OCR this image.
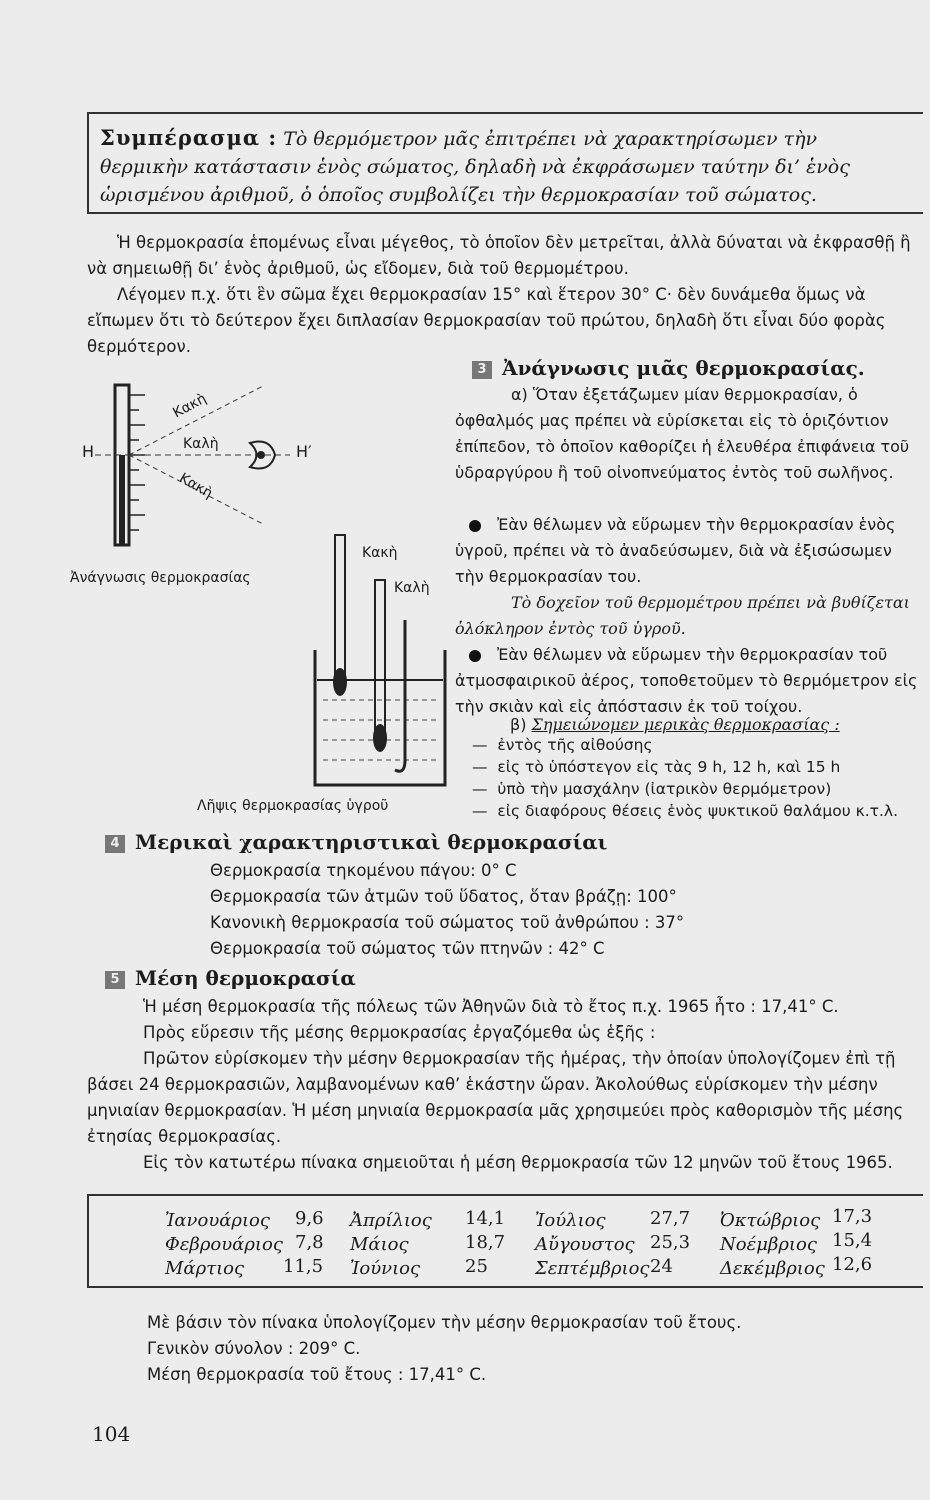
Συμπέρασμα : Τὸ θερμόμετρον μᾶς ἐπιτρέπει νὰ χαρακτηρίσωμεν τὴν θερμικὴν κατάστασιν ἑνὸς σώματος, δηλαδὴ νὰ ἐκφράσωμεν ταύτην δι’ ἑνὸς ὡρισμένου ἀριθμοῦ, ὁ ὁποῖος συμβολίζει τὴν θερμοκρασίαν τοῦ σώματος.
Ἡ θερμοκρασία ἑπομένως εἶναι μέγεθος, τὸ ὁποῖον δὲν μετρεῖται, ἀλλὰ δύναται νὰ ἐκφρασθῇ ἢ νὰ σημειωθῇ δι’ ἑνὸς ἀριθμοῦ, ὡς εἴδομεν, διὰ τοῦ θερμομέτρου.
Λέγομεν π.χ. ὅτι ἓν σῶμα ἔχει θερμοκρασίαν 15° καὶ ἕτερον 30° C· δὲν δυνάμεθα ὅμως νὰ εἴπωμεν ὅτι τὸ δεύτερον ἔχει διπλασίαν θερμοκρασίαν τοῦ πρώτου, δηλαδὴ ὅτι εἶναι δύο φορὰς θερμότερον.
Η	Η′
Κακὴ
Καλὴ
Κακὴ
Ἀνάγνωσις θερμοκρασίας
Κακὴ
Καλὴ
Λῆψις θερμοκρασίας ὑγροῦ
3 Ἀνάγνωσις μιᾶς θερμοκρασίας.
α) Ὅταν ἐξετάζωμεν μίαν θερμοκρασίαν, ὁ ὀφθαλμός μας πρέπει νὰ εὑρίσκεται εἰς τὸ ὁριζόντιον ἐπίπεδον, τὸ ὁποῖον καθορίζει ἡ ἐλευθέρα ἐπιφάνεια τοῦ ὑδραργύρου ἢ τοῦ οἰνοπνεύματος ἐντὸς τοῦ σωλῆνος.
Ἐὰν θέλωμεν νὰ εὕρωμεν τὴν θερμοκρασίαν ἑνὸς ὑγροῦ, πρέπει νὰ τὸ ἀναδεύσωμεν, διὰ νὰ ἐξισώσωμεν τὴν θερμοκρασίαν του.
Τὸ δοχεῖον τοῦ θερμομέτρου πρέπει νὰ βυθίζεται ὁλόκληρον ἐντὸς τοῦ ὑγροῦ.
Ἐὰν θέλωμεν νὰ εὕρωμεν τὴν θερμοκρασίαν τοῦ ἀτμοσφαιρικοῦ ἀέρος, τοποθετοῦμεν τὸ θερμόμετρον εἰς τὴν σκιὰν καὶ εἰς ἀπόστασιν ἐκ τοῦ τοίχου.
β) Σημειώνομεν μερικὰς θερμοκρασίας :
—  ἐντὸς τῆς αἰθούσης
—  εἰς τὸ ὑπόστεγον εἰς τὰς 9 h, 12 h, καὶ 15 h
—  ὑπὸ τὴν μασχάλην (ἰατρικὸν θερμόμετρον)
—  εἰς διαφόρους θέσεις ἑνὸς ψυκτικοῦ θαλάμου κ.τ.λ.
4 Μερικαὶ χαρακτηριστικαὶ θερμοκρασίαι
Θερμοκρασία τηκομένου πάγου: 0° C
Θερμοκρασία τῶν ἀτμῶν τοῦ ὕδατος, ὅταν βράζῃ: 100°
Κανονικὴ θερμοκρασία τοῦ σώματος τοῦ ἀνθρώπου : 37°
Θερμοκρασία τοῦ σώματος τῶν πτηνῶν : 42° C
5 Μέση θερμοκρασία
Ἡ μέση θερμοκρασία τῆς πόλεως τῶν Ἀθηνῶν διὰ τὸ ἔτος π.χ. 1965 ἦτο : 17,41° C.
Πρὸς εὕρεσιν τῆς μέσης θερμοκρασίας ἐργαζόμεθα ὡς ἑξῆς :
Πρῶτον εὑρίσκομεν τὴν μέσην θερμοκρασίαν τῆς ἡμέρας, τὴν ὁποίαν ὑπολογίζομεν ἐπὶ τῇ βάσει 24 θερμοκρασιῶν, λαμβανομένων καθ’ ἑκάστην ὥραν. Ἀκολούθως εὑρίσκομεν τὴν μέσην μηνιαίαν θερμοκρασίαν. Ἡ μέση μηνιαία θερμοκρασία μᾶς χρησιμεύει πρὸς καθορισμὸν τῆς μέσης ἐτησίας θερμοκρασίας.
Εἰς τὸν κατωτέρω πίνακα σημειοῦται ἡ μέση θερμοκρασία τῶν 12 μηνῶν τοῦ ἔτους 1965.
Ἰανουάριος 9,6 Ἀπρίλιος 14,1 Ἰούλιος 27,7 Ὀκτώβριος 17,3
Φεβρουάριος 7,8 Μάιος	18,7 Αὔγουστος 25,3 Νοέμβριος 15,4
Μάρτιος 11,5 Ἰούνιος 25	Σεπτέμβριος 24	Δεκέμβριος 12,6
Μὲ βάσιν τὸν πίνακα ὑπολογίζομεν τὴν μέσην θερμοκρασίαν τοῦ ἔτους.
Γενικὸν σύνολον : 209° C.
Μέση θερμοκρασία τοῦ ἔτους : 17,41° C.
104
